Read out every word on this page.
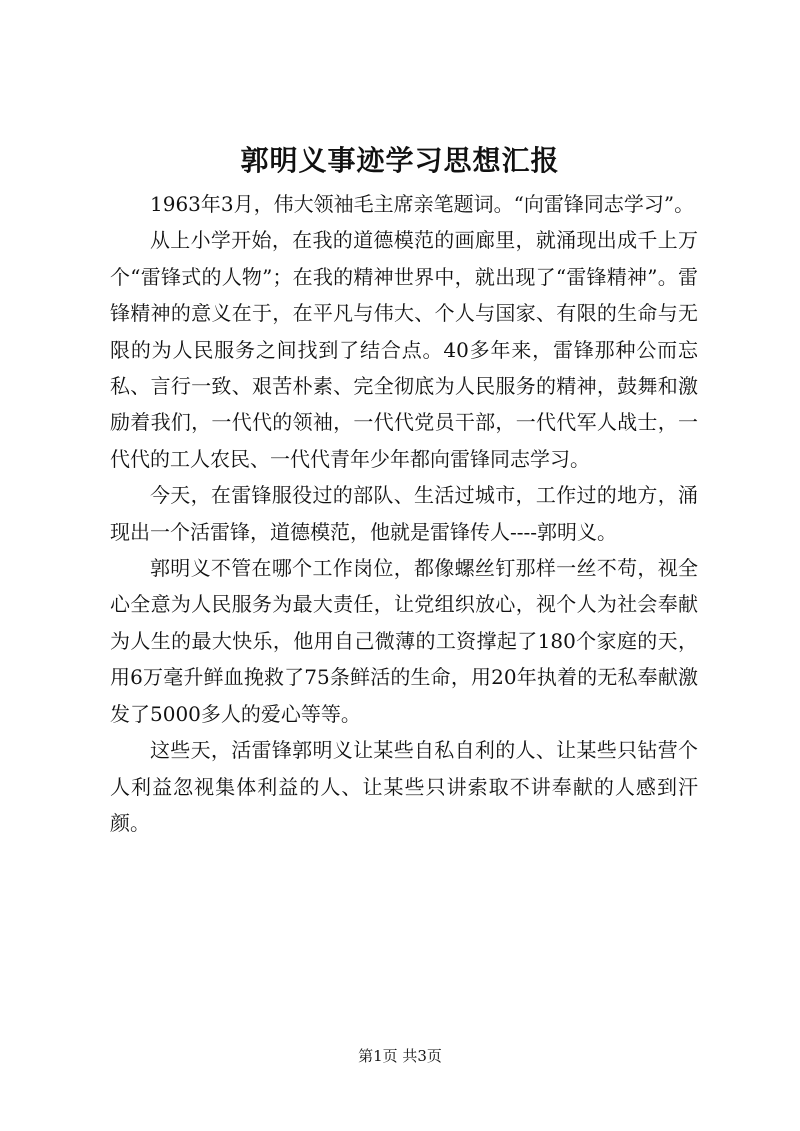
郭明义事迹学习思想汇报

1963年3月，伟大领袖毛主席亲笔题词。“向雷锋同志学习”。

从上小学开始，在我的道德模范的画廊里，就涌现出成千上万个“雷锋式的人物”；在我的精神世界中，就出现了“雷锋精神”。雷锋精神的意义在于，在平凡与伟大、个人与国家、有限的生命与无限的为人民服务之间找到了结合点。40多年来，雷锋那种公而忘私、言行一致、艰苦朴素、完全彻底为人民服务的精神，鼓舞和激励着我们，一代代的领袖，一代代党员干部，一代代军人战士，一代代的工人农民、一代代青年少年都向雷锋同志学习。

今天，在雷锋服役过的部队、生活过城市，工作过的地方，涌现出一个活雷锋，道德模范，他就是雷锋传人----郭明义。

郭明义不管在哪个工作岗位，都像螺丝钉那样一丝不苟，视全心全意为人民服务为最大责任，让党组织放心，视个人为社会奉献为人生的最大快乐，他用自己微薄的工资撑起了180个家庭的天，用6万毫升鲜血挽救了75条鲜活的生命，用20年执着的无私奉献激发了5000多人的爱心等等。

这些天，活雷锋郭明义让某些自私自利的人、让某些只钻营个人利益忽视集体利益的人、让某些只讲索取不讲奉献的人感到汗颜。

第1页 共3页
